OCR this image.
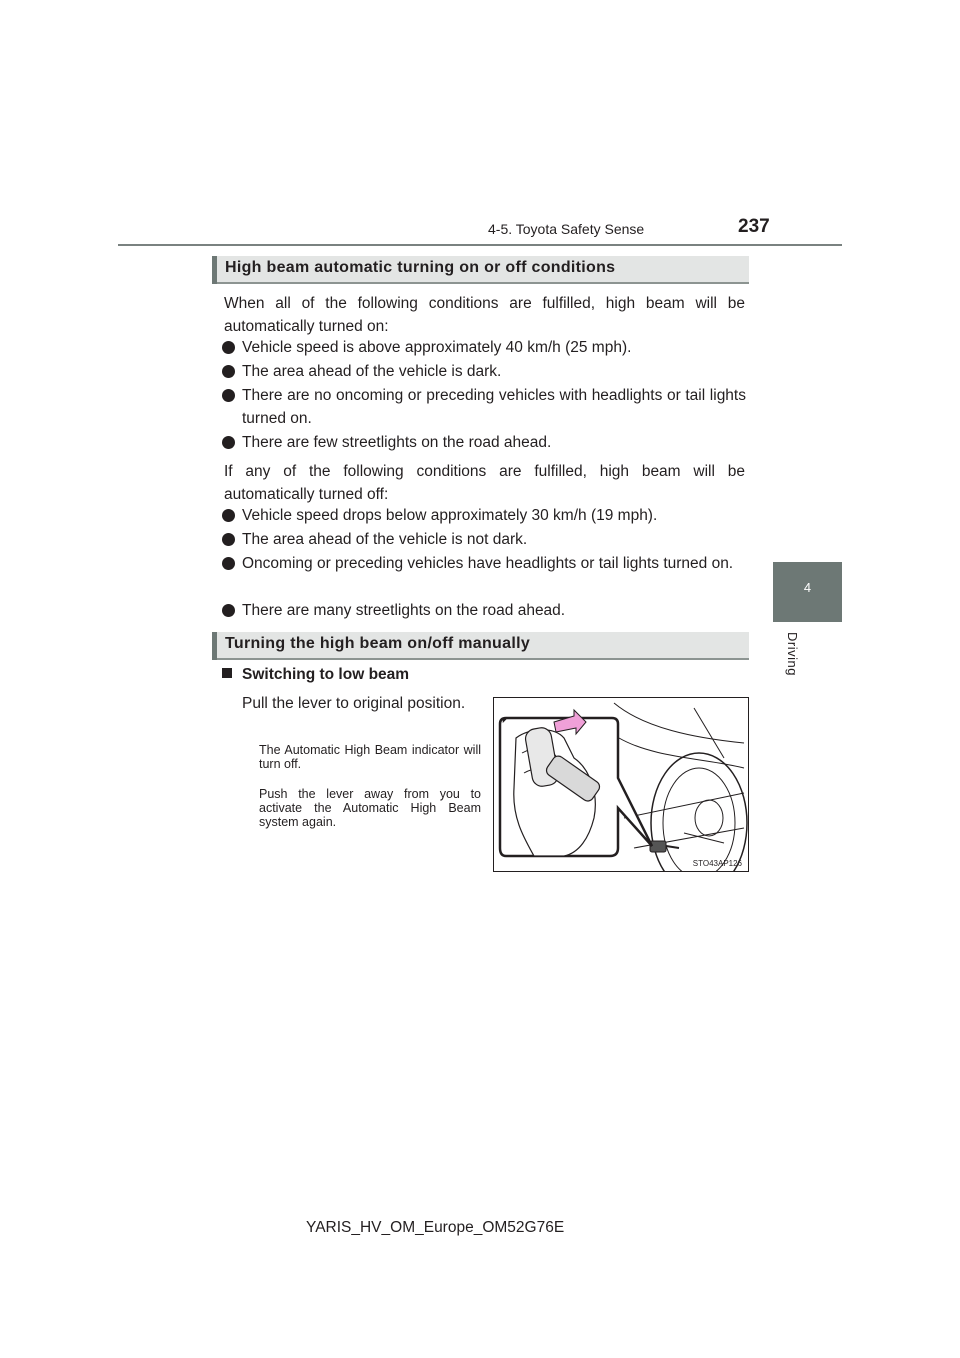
4-5. Toyota Safety Sense	237
4
Driving
High beam automatic turning on or off conditions
When all of the following conditions are fulfilled, high beam will be automatically turned on:
Vehicle speed is above approximately 40 km/h (25 mph).
The area ahead of the vehicle is dark.
There are no oncoming or preceding vehicles with headlights or tail lights turned on.
There are few streetlights on the road ahead.
If any of the following conditions are fulfilled, high beam will be automatically turned off:
Vehicle speed drops below approximately 30 km/h (19 mph).
The area ahead of the vehicle is not dark.
Oncoming or preceding vehicles have headlights or tail lights turned on.
There are many streetlights on the road ahead.
Turning the high beam on/off manually
Switching to low beam
Pull the lever to original position.
The Automatic High Beam indicator will turn off.
Push the lever away from you to activate the Automatic High Beam system again.
STO43AP126
YARIS_HV_OM_Europe_OM52G76E
